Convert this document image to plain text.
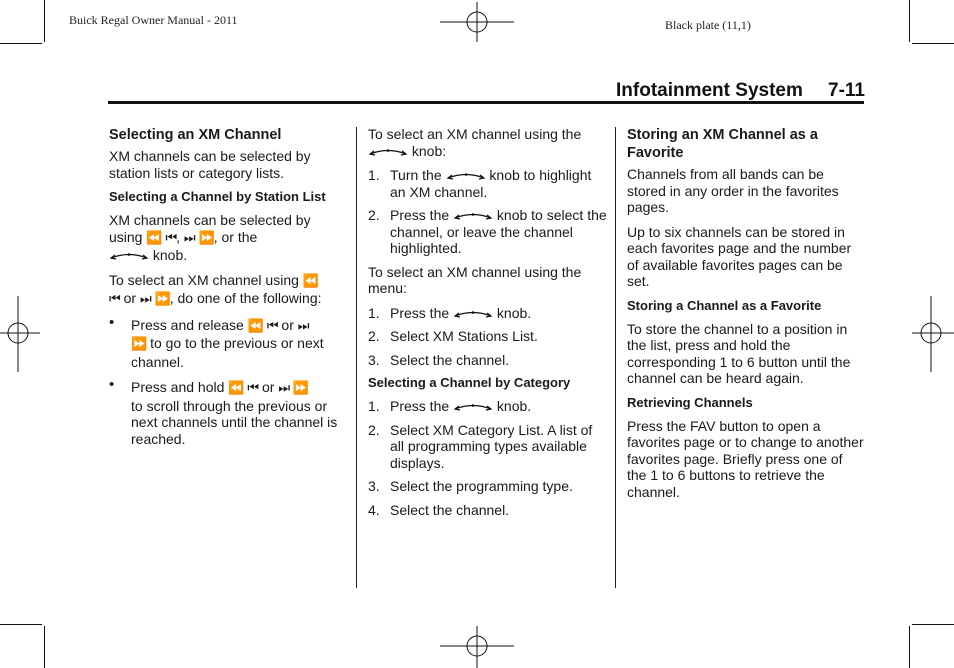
Buick Regal Owner Manual - 2011	Black plate (11,1)
Infotainment System 7-11

Selecting an XM Channel

XM channels can be selected by station lists or category lists.

Selecting a Channel by Station List

XM channels can be selected by using ⏪ ⏮, ⏭ ⏩, or the

knob.

To select an XM channel using ⏪
⏮ or ⏭ ⏩, do one of the following:

• Press and release ⏪ ⏮ or ⏭
⏩ to go to the previous or next channel.

• Press and hold ⏪ ⏮ or ⏭ ⏩
to scroll through the previous or next channels until the channel is reached.

To select an XM channel using the

knob:

1. Turn the	knob to highlight an XM channel.

2. Press the	knob to select the channel, or leave the channel highlighted.

To select an XM channel using the menu:

1. Press the	knob.

2. Select XM Stations List.

3. Select the channel.

Selecting a Channel by Category

1. Press the	knob.

2. Select XM Category List. A list of all programming types available displays.

3. Select the programming type.

4. Select the channel.

Storing an XM Channel as a Favorite

Channels from all bands can be stored in any order in the favorites pages.

Up to six channels can be stored in each favorites page and the number of available favorites pages can be set.

Storing a Channel as a Favorite

To store the channel to a position in the list, press and hold the corresponding 1 to 6 button until the channel can be heard again.

Retrieving Channels

Press the FAV button to open a favorites page or to change to another favorites page. Briefly press one of the 1 to 6 buttons to retrieve the channel.
